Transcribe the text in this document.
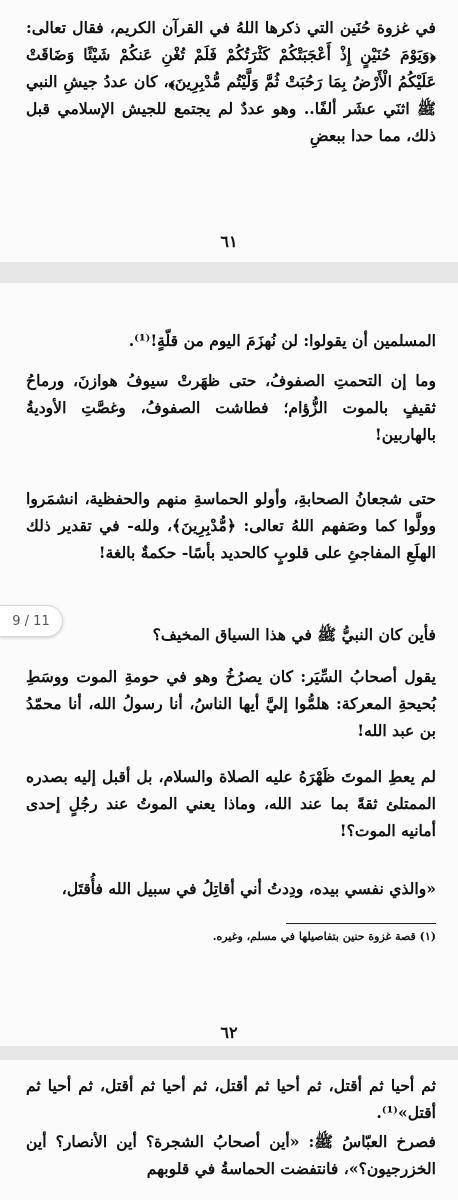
في غزوة حُنَين التي ذكرها اللهُ في القرآن الكريم، فقال تعالى: ﴿وَيَوْمَ حُنَيْنٍ إِذْ أَعْجَبَتْكُمْ كَثْرَتُكُمْ فَلَمْ تُغْنِ عَنكُمْ شَيْئًا وَضَاقَتْ عَلَيْكُمُ الْأَرْضُ بِمَا رَحُبَتْ ثُمَّ وَلَّيْتُم مُّدْبِرِينَ﴾، كان عددُ جيشِ النبي ﷺ اثنَي عشَر ألفًا.. وهو عددٌ لم يجتمع للجيش الإسلامي قبل ذلك، مما حدا ببعضِ

٦١

المسلمين أن يقولوا: لن نُهزَمَ اليوم من قلّةٍ!⁽¹⁾.

وما إن التحمتِ الصفوفُ، حتى ظهَرتْ سيوفُ هوازنَ، ورماحُ ثقيفٍ بالموت الزُّؤام؛ فطاشت الصفوفُ، وغصَّتِ الأوديةُ بالهاربين!

حتى شجعانُ الصحابةِ، وأولو الحماسةِ منهم والحفظية، انشمَروا وولَّوا كما وصَفهم اللهُ تعالى: ﴿مُّدْبِرِينَ﴾، ولله- في تقدير ذلك الهلَعِ المفاجئِ على قلوبٍ كالحديد بأسًا- حكمةٌ بالغة!

فأين كان النبيُّ ﷺ في هذا السياق المخيف؟

يقول أصحابُ السِّيَر: كان يصرُخُ وهو في حومةِ الموت ووسَطِ بُحيحةِ المعركة: هلمُّوا إليَّ أيها الناسُ، أنا رسولُ الله، أنا محمّدُ بن عبد الله!

لم يعطِ الموتَ ظَهْرَهُ عليه الصلاة والسلام، بل أقبل إليه بصدره الممتلئ ثقةً بما عند الله، وماذا يعني الموتُ عند رجُلٍ إحدى أمانيه الموت؟!

«والذي نفسي بيده، ودِدتُ أني أقاتِلُ في سبيل الله فأُقتَل،

(١) قصة غزوة حنين بتفاصيلها في مسلم، وغيره.
٦٢

ثم أحيا ثم أقتل، ثم أحيا ثم أقتل، ثم أحيا ثم أقتل، ثم أحيا ثم أقتل»⁽¹⁾.

فصرخ العبّاسُ ﷺ: «أين أصحابُ الشجرة؟ أين الأنصار؟ أين الخزرجيون؟»، فانتفضت الحماسةُ في قلوبهم

9 / 11
